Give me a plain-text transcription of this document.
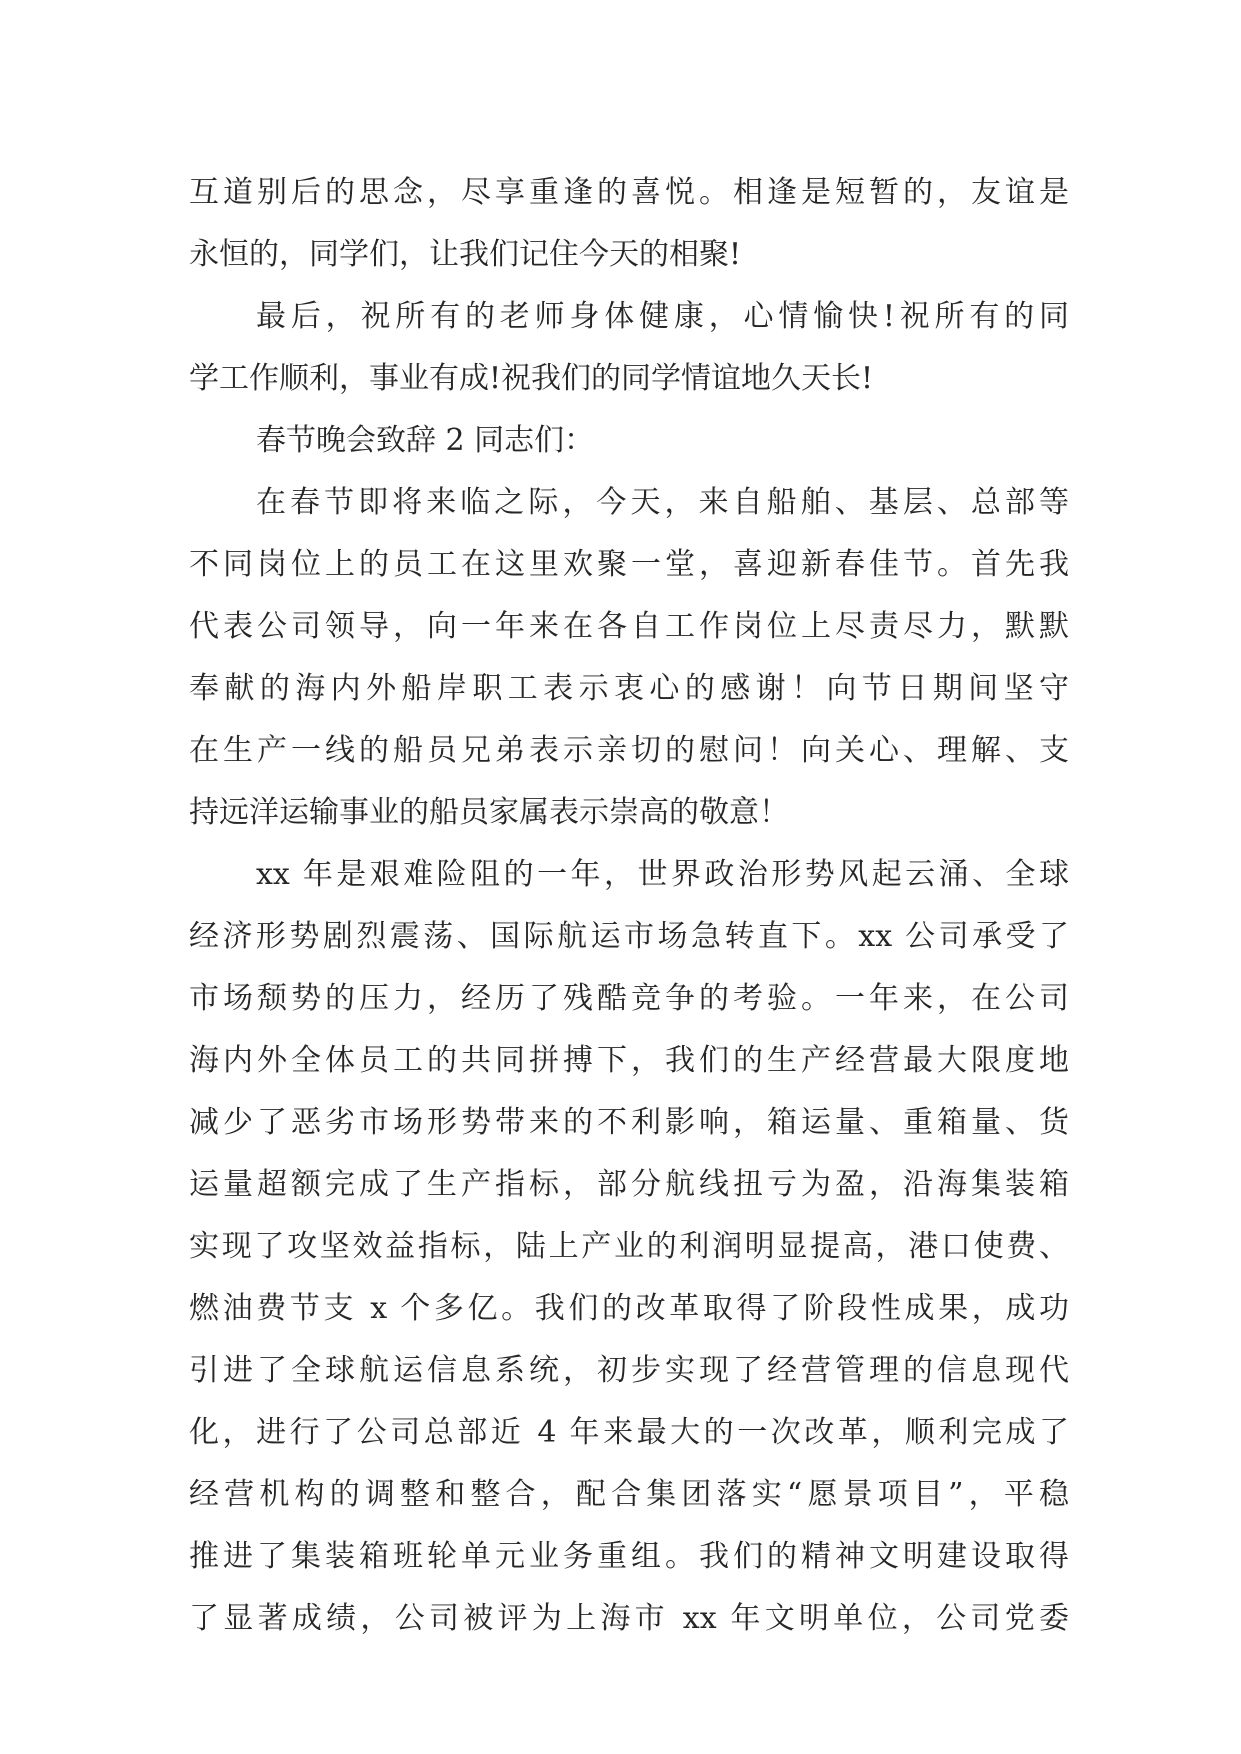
互道别后的思念，尽享重逢的喜悦。相逢是短暂的，友谊是
永恒的，同学们，让我们记住今天的相聚!
最后，祝所有的老师身体健康，心情愉快!祝所有的同
学工作顺利，事业有成!祝我们的同学情谊地久天长!
春节晚会致辞 2 同志们：
在春节即将来临之际，今天，来自船舶、基层、总部等
不同岗位上的员工在这里欢聚一堂，喜迎新春佳节。首先我
代表公司领导，向一年来在各自工作岗位上尽责尽力，默默
奉献的海内外船岸职工表示衷心的感谢！向节日期间坚守
在生产一线的船员兄弟表示亲切的慰问！向关心、理解、支
持远洋运输事业的船员家属表示崇高的敬意！
xx 年是艰难险阻的一年，世界政治形势风起云涌、全球
经济形势剧烈震荡、国际航运市场急转直下。xx 公司承受了
市场颓势的压力，经历了残酷竞争的考验。一年来，在公司
海内外全体员工的共同拼搏下，我们的生产经营最大限度地
减少了恶劣市场形势带来的不利影响，箱运量、重箱量、货
运量超额完成了生产指标，部分航线扭亏为盈，沿海集装箱
实现了攻坚效益指标，陆上产业的利润明显提高，港口使费、
燃油费节支 x 个多亿。我们的改革取得了阶段性成果，成功
引进了全球航运信息系统，初步实现了经营管理的信息现代
化，进行了公司总部近 4 年来最大的一次改革，顺利完成了
经营机构的调整和整合，配合集团落实“愿景项目”，平稳
推进了集装箱班轮单元业务重组。我们的精神文明建设取得
了显著成绩，公司被评为上海市 xx 年文明单位，公司党委
